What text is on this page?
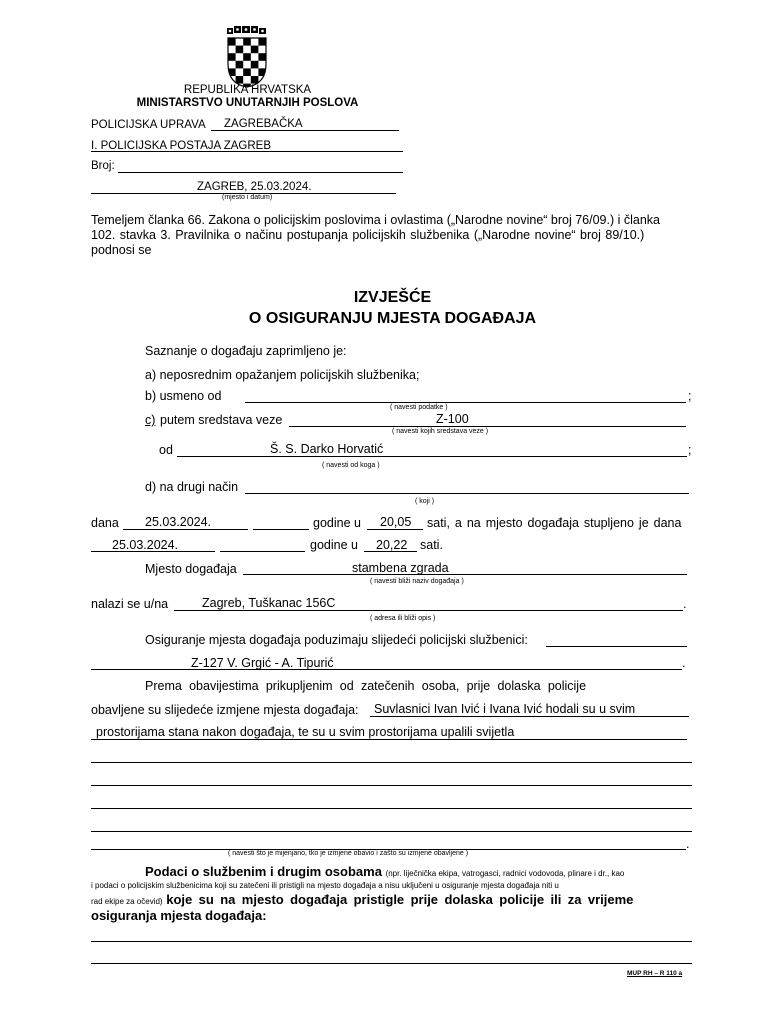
REPUBLIKA HRVATSKA
MINISTARSTVO UNUTARNJIH POSLOVA
POLICIJSKA UPRAVA ZAGREBAČKA
I. POLICIJSKA POSTAJA ZAGREB
Broj:
ZAGREB, 25.03.2024.
(mjesto i datum)
Temeljem članka 66. Zakona o policijskim poslovima i ovlastima („Narodne novine“ broj 76/09.) i članka
102. stavka 3. Pravilnika o načinu postupanja policijskih službenika („Narodne novine“ broj 89/10.)
podnosi se
IZVJEŠĆE
O OSIGURANJU MJESTA DOGAĐAJA
Saznanje o događaju zaprimljeno je:
a) neposrednim opažanjem policijskih službenika;
b) usmeno od	;
( navesti podatke )
c) putem sredstava veze	Z-100
( navesti kojih sredstava veze )
od	Š. S. Darko Horvatić	;
( navesti od koga )
d) na drugi način
( koji )
dana 25.03.2024.	godine u 20,05 sati, a na mjesto događaja stupljeno je dana
25.03.2024.	godine u 20,22 sati.
Mjesto događaja	stambena zgrada
( navesti bliži naziv događaja )
nalazi se u/na	Zagreb, Tuškanac 156C	.
( adresa ili bliži opis )
Osiguranje mjesta događaja poduzimaju slijedeći policijski službenici:
Z-127 V. Grgić - A. Tipurić	.
Prema obavijestima prikupljenim od zatečenih osoba, prije dolaska policije
obavljene su slijedeće izmjene mjesta događaja: Suvlasnici Ivan Ivić i Ivana Ivić hodali su u svim
prostorijama stana nakon događaja, te su u svim prostorijama upalili svijetla
.
( navesti što je mijenjano, tko je izmjene obavio i zašto su izmjene obavljene )
Podaci o službenim i drugim osobama (npr. liječnička ekipa, vatrogasci, radnici vodovoda, plinare i dr., kao
i podaci o policijskim službenicima koji su zatečeni ili pristigli na mjesto događaja a nisu uključeni u osiguranje mjesta događaja niti u
rad ekipe za očevid) koje su na mjesto događaja pristigle prije dolaska policije ili za vrijeme
osiguranja mjesta događaja:
MUP RH – R 110 a
